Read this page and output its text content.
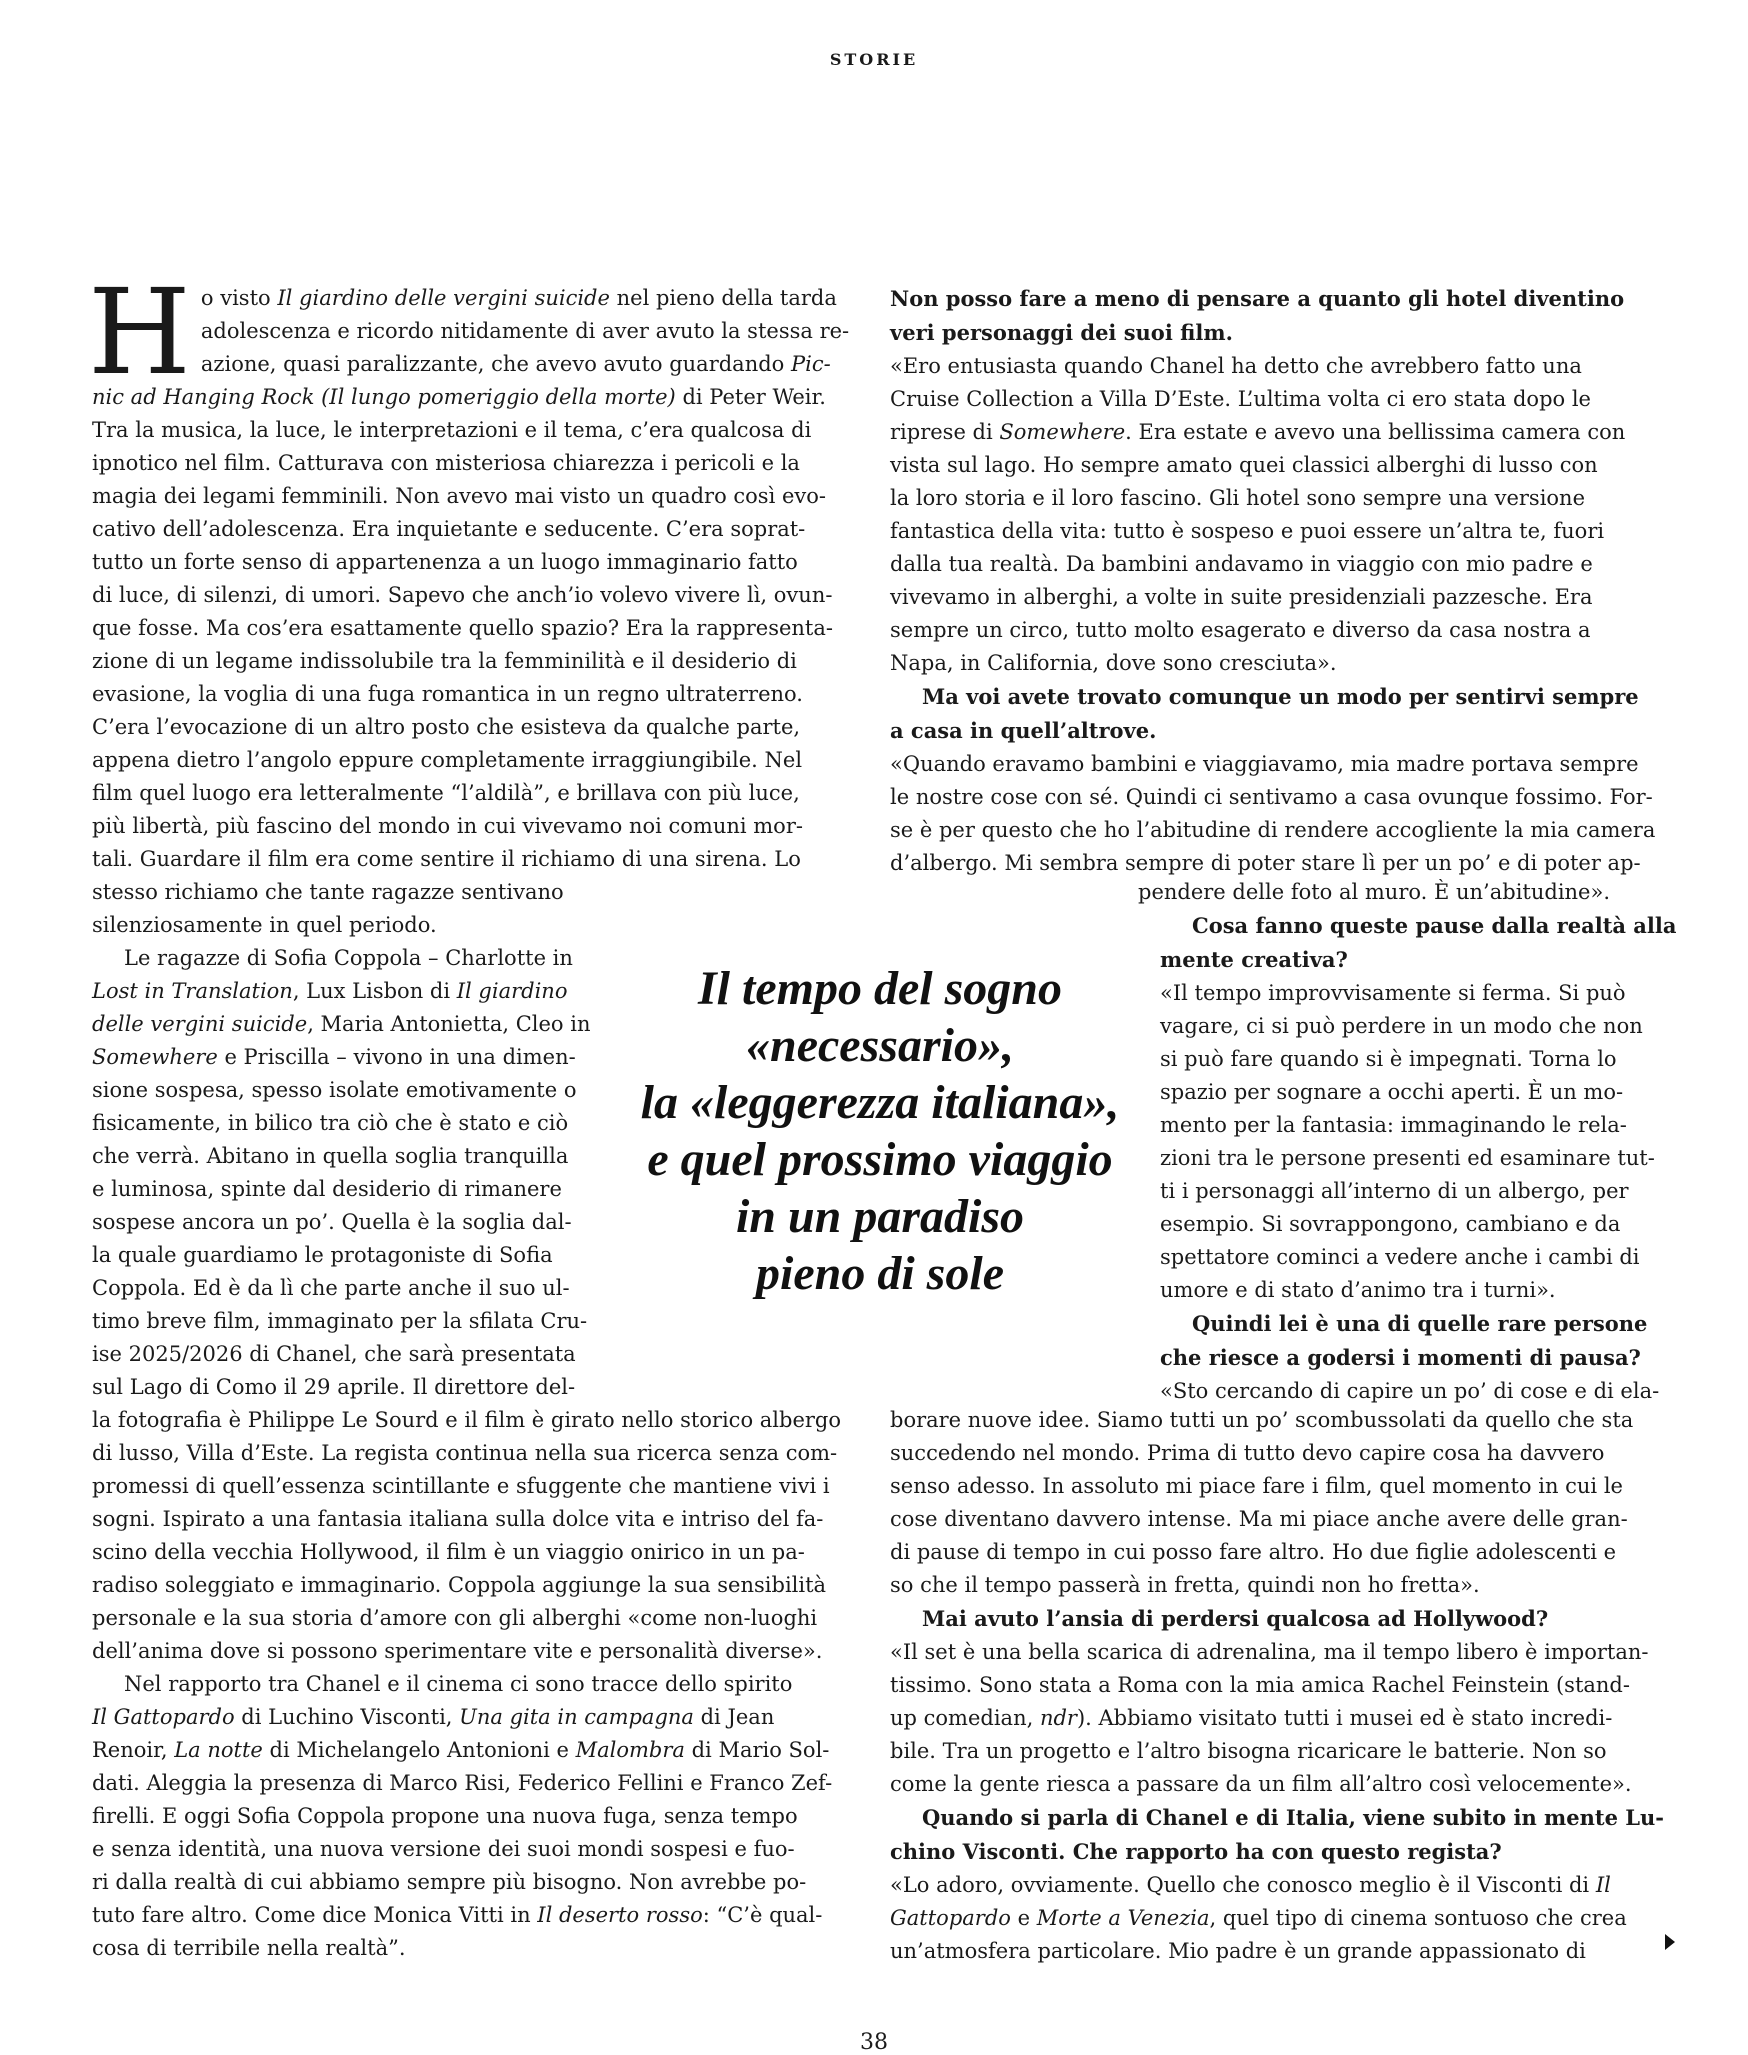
STORIE
H o visto Il giardino delle vergini suicide nel pieno della tarda
adolescenza e ricordo nitidamente di aver avuto la stessa re-
azione, quasi paralizzante, che avevo avuto guardando Pic-
nic ad Hanging Rock (Il lungo pomeriggio della morte) di Peter Weir.
Tra la musica, la luce, le interpretazioni e il tema, c’era qualcosa di
ipnotico nel film. Catturava con misteriosa chiarezza i pericoli e la
magia dei legami femminili. Non avevo mai visto un quadro così evo-
cativo dell’adolescenza. Era inquietante e seducente. C’era soprat-
tutto un forte senso di appartenenza a un luogo immaginario fatto
di luce, di silenzi, di umori. Sapevo che anch’io volevo vivere lì, ovun-
que fosse. Ma cos’era esattamente quello spazio? Era la rappresenta-
zione di un legame indissolubile tra la femminilità e il desiderio di
evasione, la voglia di una fuga romantica in un regno ultraterreno.
C’era l’evocazione di un altro posto che esisteva da qualche parte,
appena dietro l’angolo eppure completamente irraggiungibile. Nel
film quel luogo era letteralmente “l’aldilà”, e brillava con più luce,
più libertà, più fascino del mondo in cui vivevamo noi comuni mor-
tali. Guardare il film era come sentire il richiamo di una sirena. Lo
stesso richiamo che tante ragazze sentivano
silenziosamente in quel periodo.
Le ragazze di Sofia Coppola – Charlotte in
Lost in Translation, Lux Lisbon di Il giardino
delle vergini suicide, Maria Antonietta, Cleo in
Somewhere e Priscilla – vivono in una dimen-
sione sospesa, spesso isolate emotivamente o
fisicamente, in bilico tra ciò che è stato e ciò
che verrà. Abitano in quella soglia tranquilla
e luminosa, spinte dal desiderio di rimanere
sospese ancora un po’. Quella è la soglia dal-
la quale guardiamo le protagoniste di Sofia
Coppola. Ed è da lì che parte anche il suo ul-
timo breve film, immaginato per la sfilata Cru-
ise 2025/2026 di Chanel, che sarà presentata
sul Lago di Como il 29 aprile. Il direttore del-
la fotografia è Philippe Le Sourd e il film è girato nello storico albergo
di lusso, Villa d’Este. La regista continua nella sua ricerca senza com-
promessi di quell’essenza scintillante e sfuggente che mantiene vivi i
sogni. Ispirato a una fantasia italiana sulla dolce vita e intriso del fa-
scino della vecchia Hollywood, il film è un viaggio onirico in un pa-
radiso soleggiato e immaginario. Coppola aggiunge la sua sensibilità
personale e la sua storia d’amore con gli alberghi «come non-luoghi
dell’anima dove si possono sperimentare vite e personalità diverse».
Nel rapporto tra Chanel e il cinema ci sono tracce dello spirito
Il Gattopardo di Luchino Visconti, Una gita in campagna di Jean
Renoir, La notte di Michelangelo Antonioni e Malombra di Mario Sol-
dati. Aleggia la presenza di Marco Risi, Federico Fellini e Franco Zef-
firelli. E oggi Sofia Coppola propone una nuova fuga, senza tempo
e senza identità, una nuova versione dei suoi mondi sospesi e fuo-
ri dalla realtà di cui abbiamo sempre più bisogno. Non avrebbe po-
tuto fare altro. Come dice Monica Vitti in Il deserto rosso: “C’è qual-
cosa di terribile nella realtà”.
Il tempo del sogno
«necessario»,
la «leggerezza italiana»,
e quel prossimo viaggio
in un paradiso
pieno di sole
Non posso fare a meno di pensare a quanto gli hotel diventino
veri personaggi dei suoi film.
«Ero entusiasta quando Chanel ha detto che avrebbero fatto una
Cruise Collection a Villa D’Este. L’ultima volta ci ero stata dopo le
riprese di Somewhere. Era estate e avevo una bellissima camera con
vista sul lago. Ho sempre amato quei classici alberghi di lusso con
la loro storia e il loro fascino. Gli hotel sono sempre una versione
fantastica della vita: tutto è sospeso e puoi essere un’altra te, fuori
dalla tua realtà. Da bambini andavamo in viaggio con mio padre e
vivevamo in alberghi, a volte in suite presidenziali pazzesche. Era
sempre un circo, tutto molto esagerato e diverso da casa nostra a
Napa, in California, dove sono cresciuta».
Ma voi avete trovato comunque un modo per sentirvi sempre
a casa in quell’altrove.
«Quando eravamo bambini e viaggiavamo, mia madre portava sempre
le nostre cose con sé. Quindi ci sentivamo a casa ovunque fossimo. For-
se è per questo che ho l’abitudine di rendere accogliente la mia camera
d’albergo. Mi sembra sempre di poter stare lì per un po’ e di poter ap-
pendere delle foto al muro. È un’abitudine».
Cosa fanno queste pause dalla realtà alla
mente creativa?
«Il tempo improvvisamente si ferma. Si può
vagare, ci si può perdere in un modo che non
si può fare quando si è impegnati. Torna lo
spazio per sognare a occhi aperti. È un mo-
mento per la fantasia: immaginando le rela-
zioni tra le persone presenti ed esaminare tut-
ti i personaggi all’interno di un albergo, per
esempio. Si sovrappongono, cambiano e da
spettatore cominci a vedere anche i cambi di
umore e di stato d’animo tra i turni».
Quindi lei è una di quelle rare persone
che riesce a godersi i momenti di pausa?
«Sto cercando di capire un po’ di cose e di ela-
borare nuove idee. Siamo tutti un po’ scombussolati da quello che sta
succedendo nel mondo. Prima di tutto devo capire cosa ha davvero
senso adesso. In assoluto mi piace fare i film, quel momento in cui le
cose diventano davvero intense. Ma mi piace anche avere delle gran-
di pause di tempo in cui posso fare altro. Ho due figlie adolescenti e
so che il tempo passerà in fretta, quindi non ho fretta».
Mai avuto l’ansia di perdersi qualcosa ad Hollywood?
«Il set è una bella scarica di adrenalina, ma il tempo libero è importan-
tissimo. Sono stata a Roma con la mia amica Rachel Feinstein (stand-
up comedian, ndr). Abbiamo visitato tutti i musei ed è stato incredi-
bile. Tra un progetto e l’altro bisogna ricaricare le batterie. Non so
come la gente riesca a passare da un film all’altro così velocemente».
Quando si parla di Chanel e di Italia, viene subito in mente Lu-
chino Visconti. Che rapporto ha con questo regista?
«Lo adoro, ovviamente. Quello che conosco meglio è il Visconti di Il
Gattopardo e Morte a Venezia, quel tipo di cinema sontuoso che crea
un’atmosfera particolare. Mio padre è un grande appassionato di
38
